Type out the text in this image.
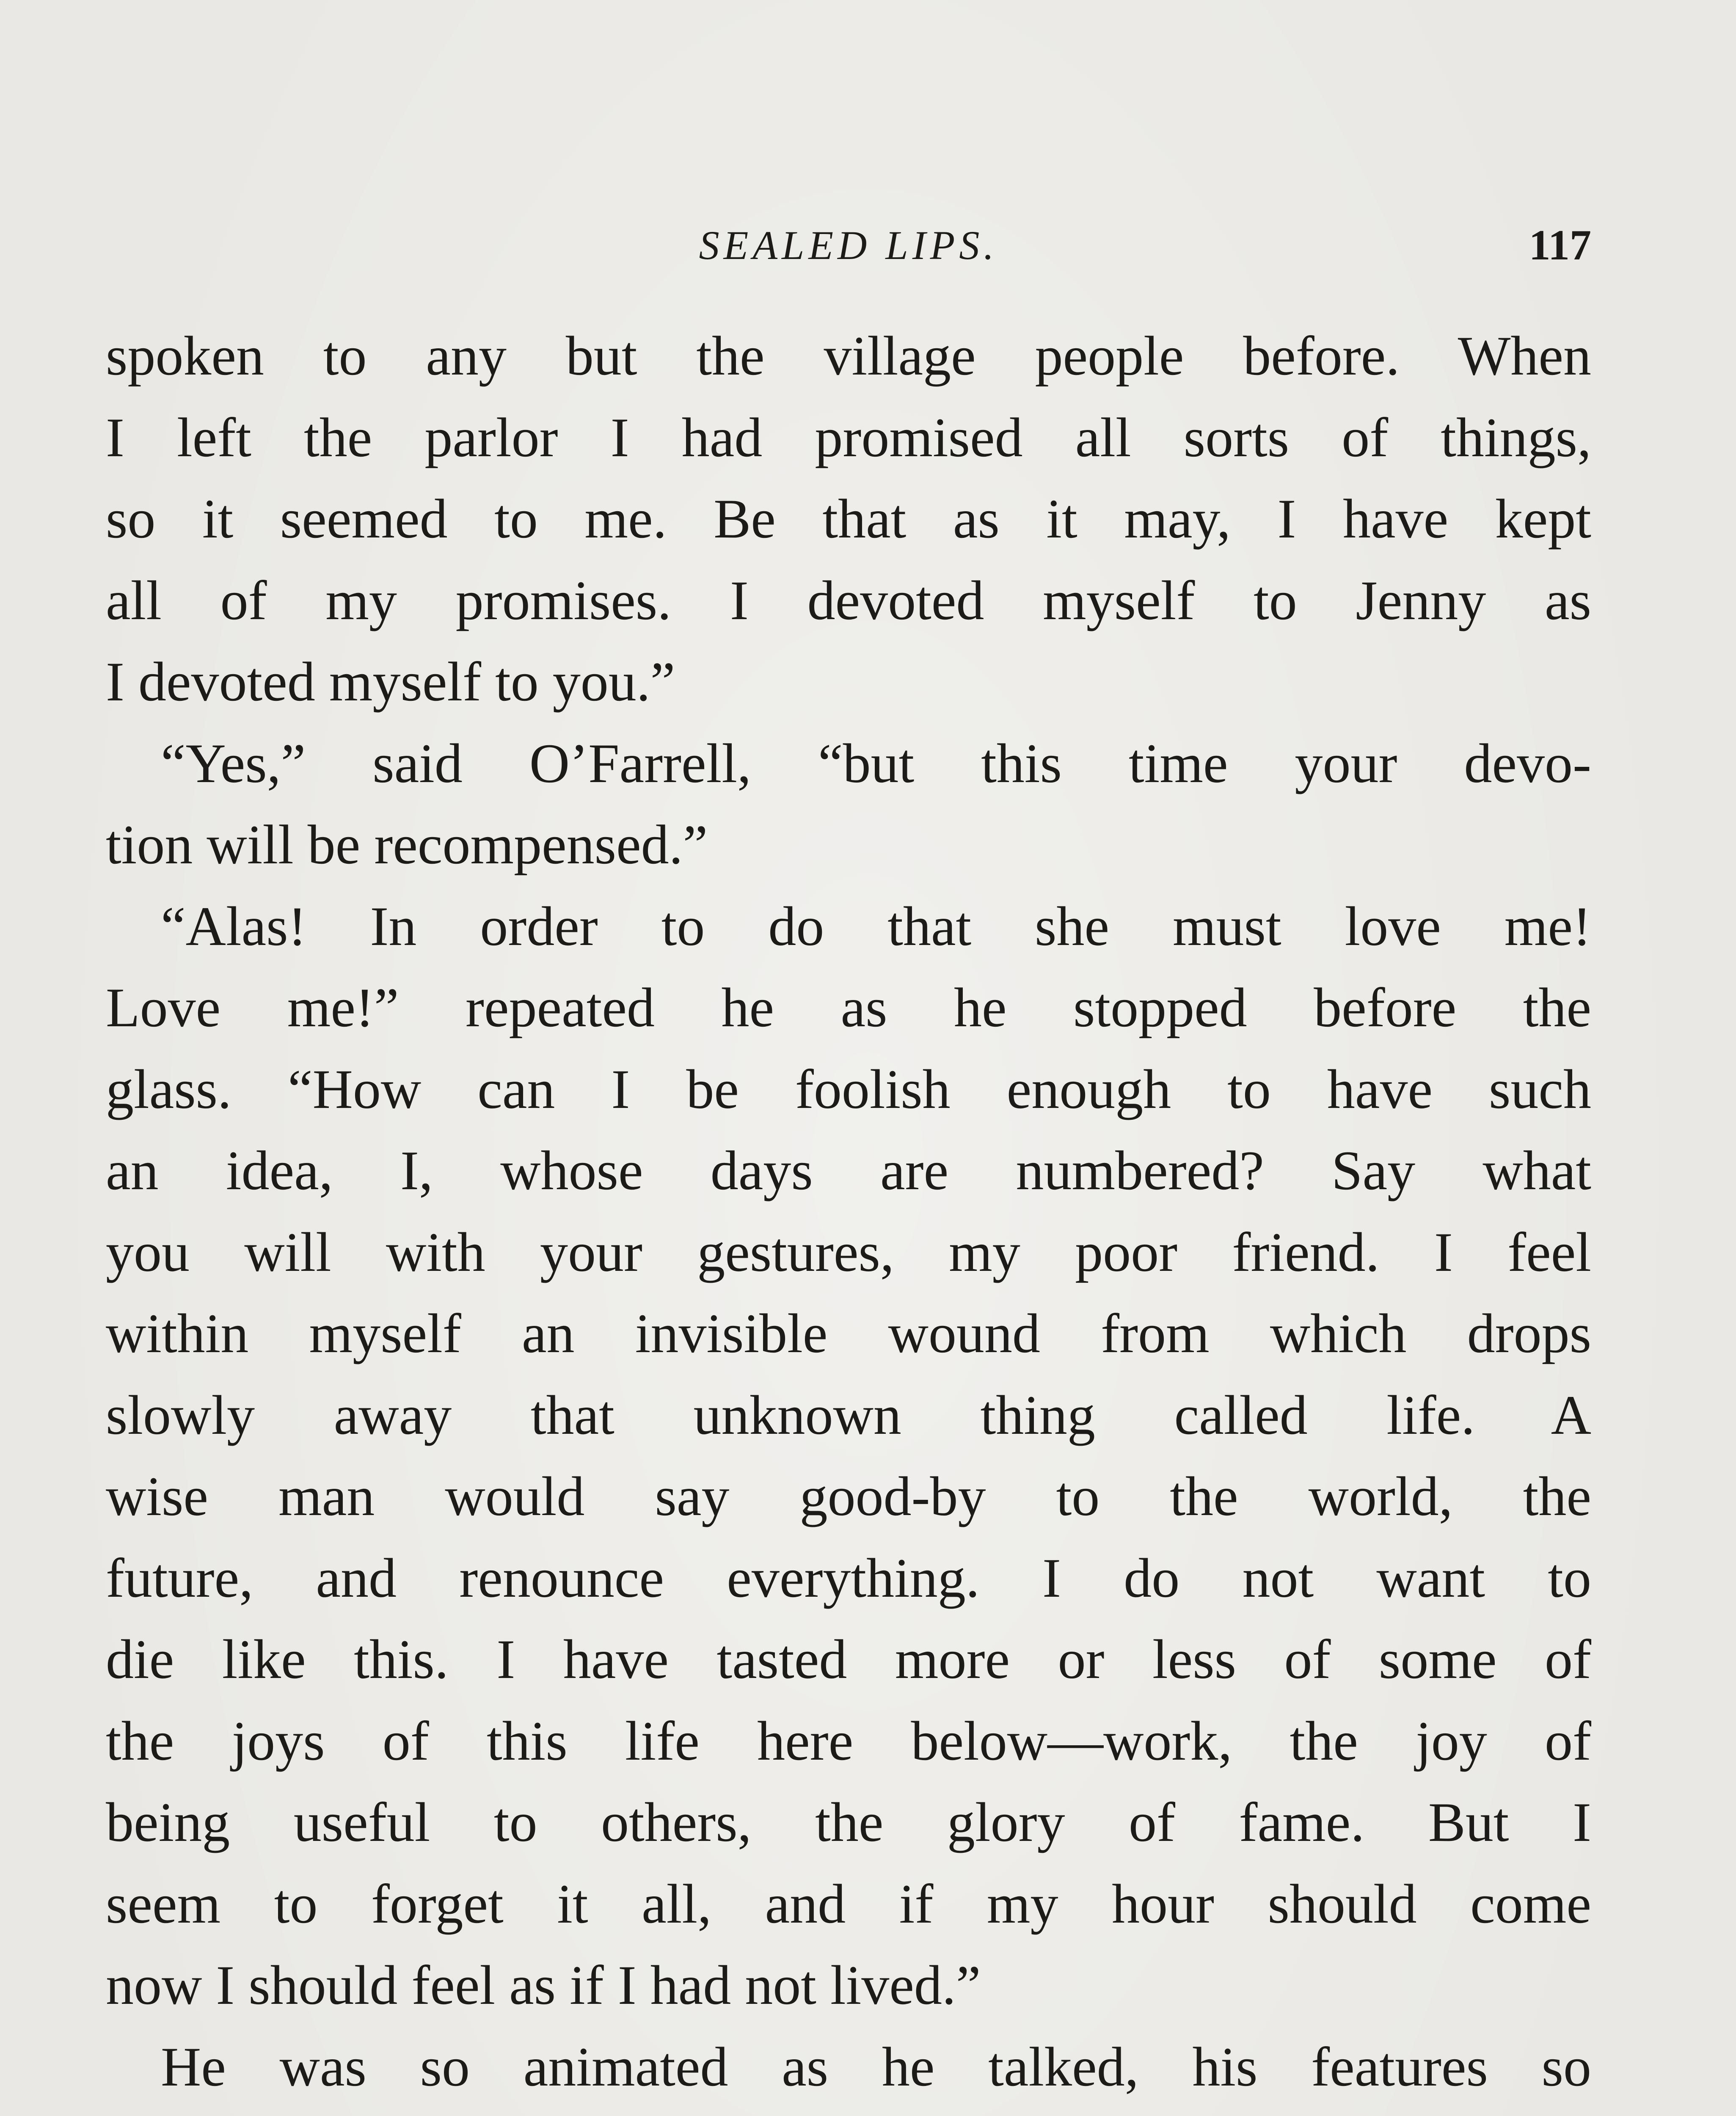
SEALED LIPS.	117
spoken to any but the village people before. When
I left the parlor I had promised all sorts of things,
so it seemed to me. Be that as it may, I have kept
all of my promises. I devoted myself to Jenny as
I devoted myself to you.”
“Yes,” said O’Farrell, “but this time your devo-
tion will be recompensed.”
“Alas! In order to do that she must love me!
Love me!” repeated he as he stopped before the
glass. “How can I be foolish enough to have such
an idea, I, whose days are numbered? Say what
you will with your gestures, my poor friend. I feel
within myself an invisible wound from which drops
slowly away that unknown thing called life. A
wise man would say good-by to the world, the
future, and renounce everything. I do not want to
die like this. I have tasted more or less of some of
the joys of this life here below—work, the joy of
being useful to others, the glory of fame. But I
seem to forget it all, and if my hour should come
now I should feel as if I had not lived.”
He was so animated as he talked, his features so
